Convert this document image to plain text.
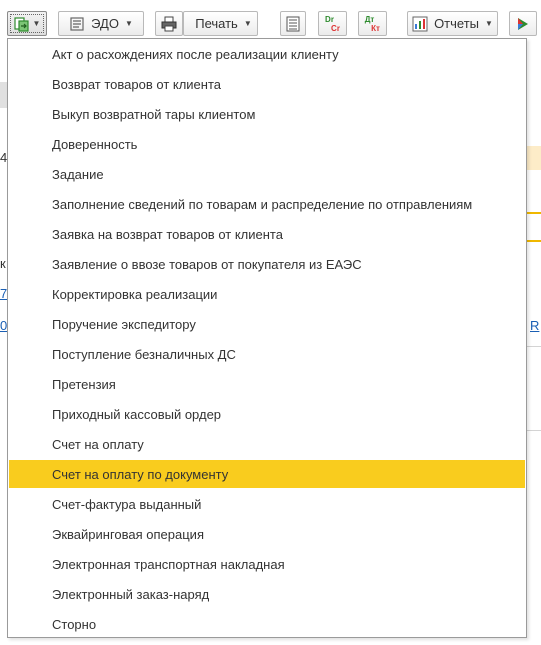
4
к
7
0	R
▼	ЭДО ▼	Печать ▼	Dr
Cr
Дт
Кт	Отчеты ▼
Акт о расхождениях после реализации клиенту
Возврат товаров от клиента
Выкуп возвратной тары клиентом
Доверенность
Задание
Заполнение сведений по товарам и распределение по отправлениям
Заявка на возврат товаров от клиента
Заявление о ввозе товаров от покупателя из ЕАЭС
Корректировка реализации
Поручение экспедитору
Поступление безналичных ДС
Претензия
Приходный кассовый ордер
Счет на оплату
Счет на оплату по документу
Счет-фактура выданный
Эквайринговая операция
Электронная транспортная накладная
Электронный заказ-наряд
Сторно
